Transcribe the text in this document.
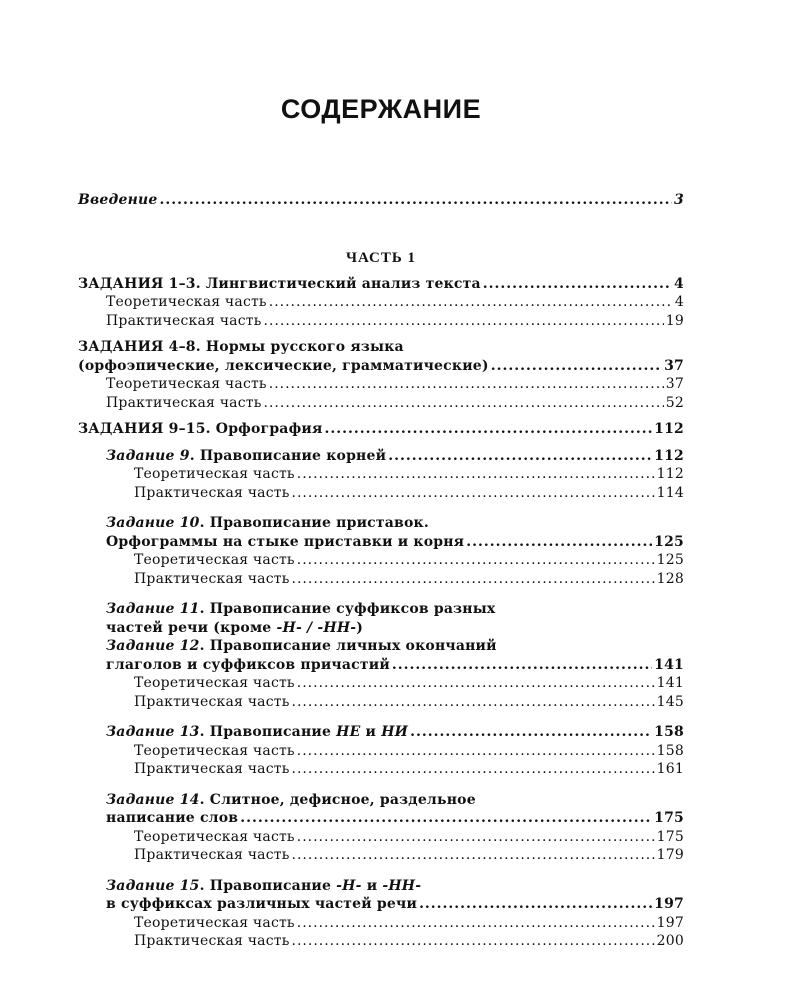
СОДЕРЖАНИЕ
Введение .....	3
ЧАСТЬ 1
ЗАДАНИЯ 1–3. Лингвистический анализ текста .....	4
Теоретическая часть .....	4
Практическая часть .....	19
ЗАДАНИЯ 4–8. Нормы русского языка
(орфоэпические, лексические, грамматические) .....	37
Теоретическая часть .....	37
Практическая часть .....	52
ЗАДАНИЯ 9–15. Орфография .....	112
Задание 9. Правописание корней .....	112
Теоретическая часть .....	112
Практическая часть .....	114
Задание 10. Правописание приставок.
Орфограммы на стыке приставки и корня .....	125
Теоретическая часть .....	125
Практическая часть .....	128
Задание 11. Правописание суффиксов разных
частей речи (кроме -Н- / -НН-)
Задание 12. Правописание личных окончаний
глаголов и суффиксов причастий .....	141
Теоретическая часть .....	141
Практическая часть .....	145
Задание 13. Правописание НЕ и НИ .....	158
Теоретическая часть .....	158
Практическая часть .....	161
Задание 14. Слитное, дефисное, раздельное
написание слов .....	175
Теоретическая часть .....	175
Практическая часть .....	179
Задание 15. Правописание -Н- и -НН-
в суффиксах различных частей речи .....	197
Теоретическая часть .....	197
Практическая часть .....	200
